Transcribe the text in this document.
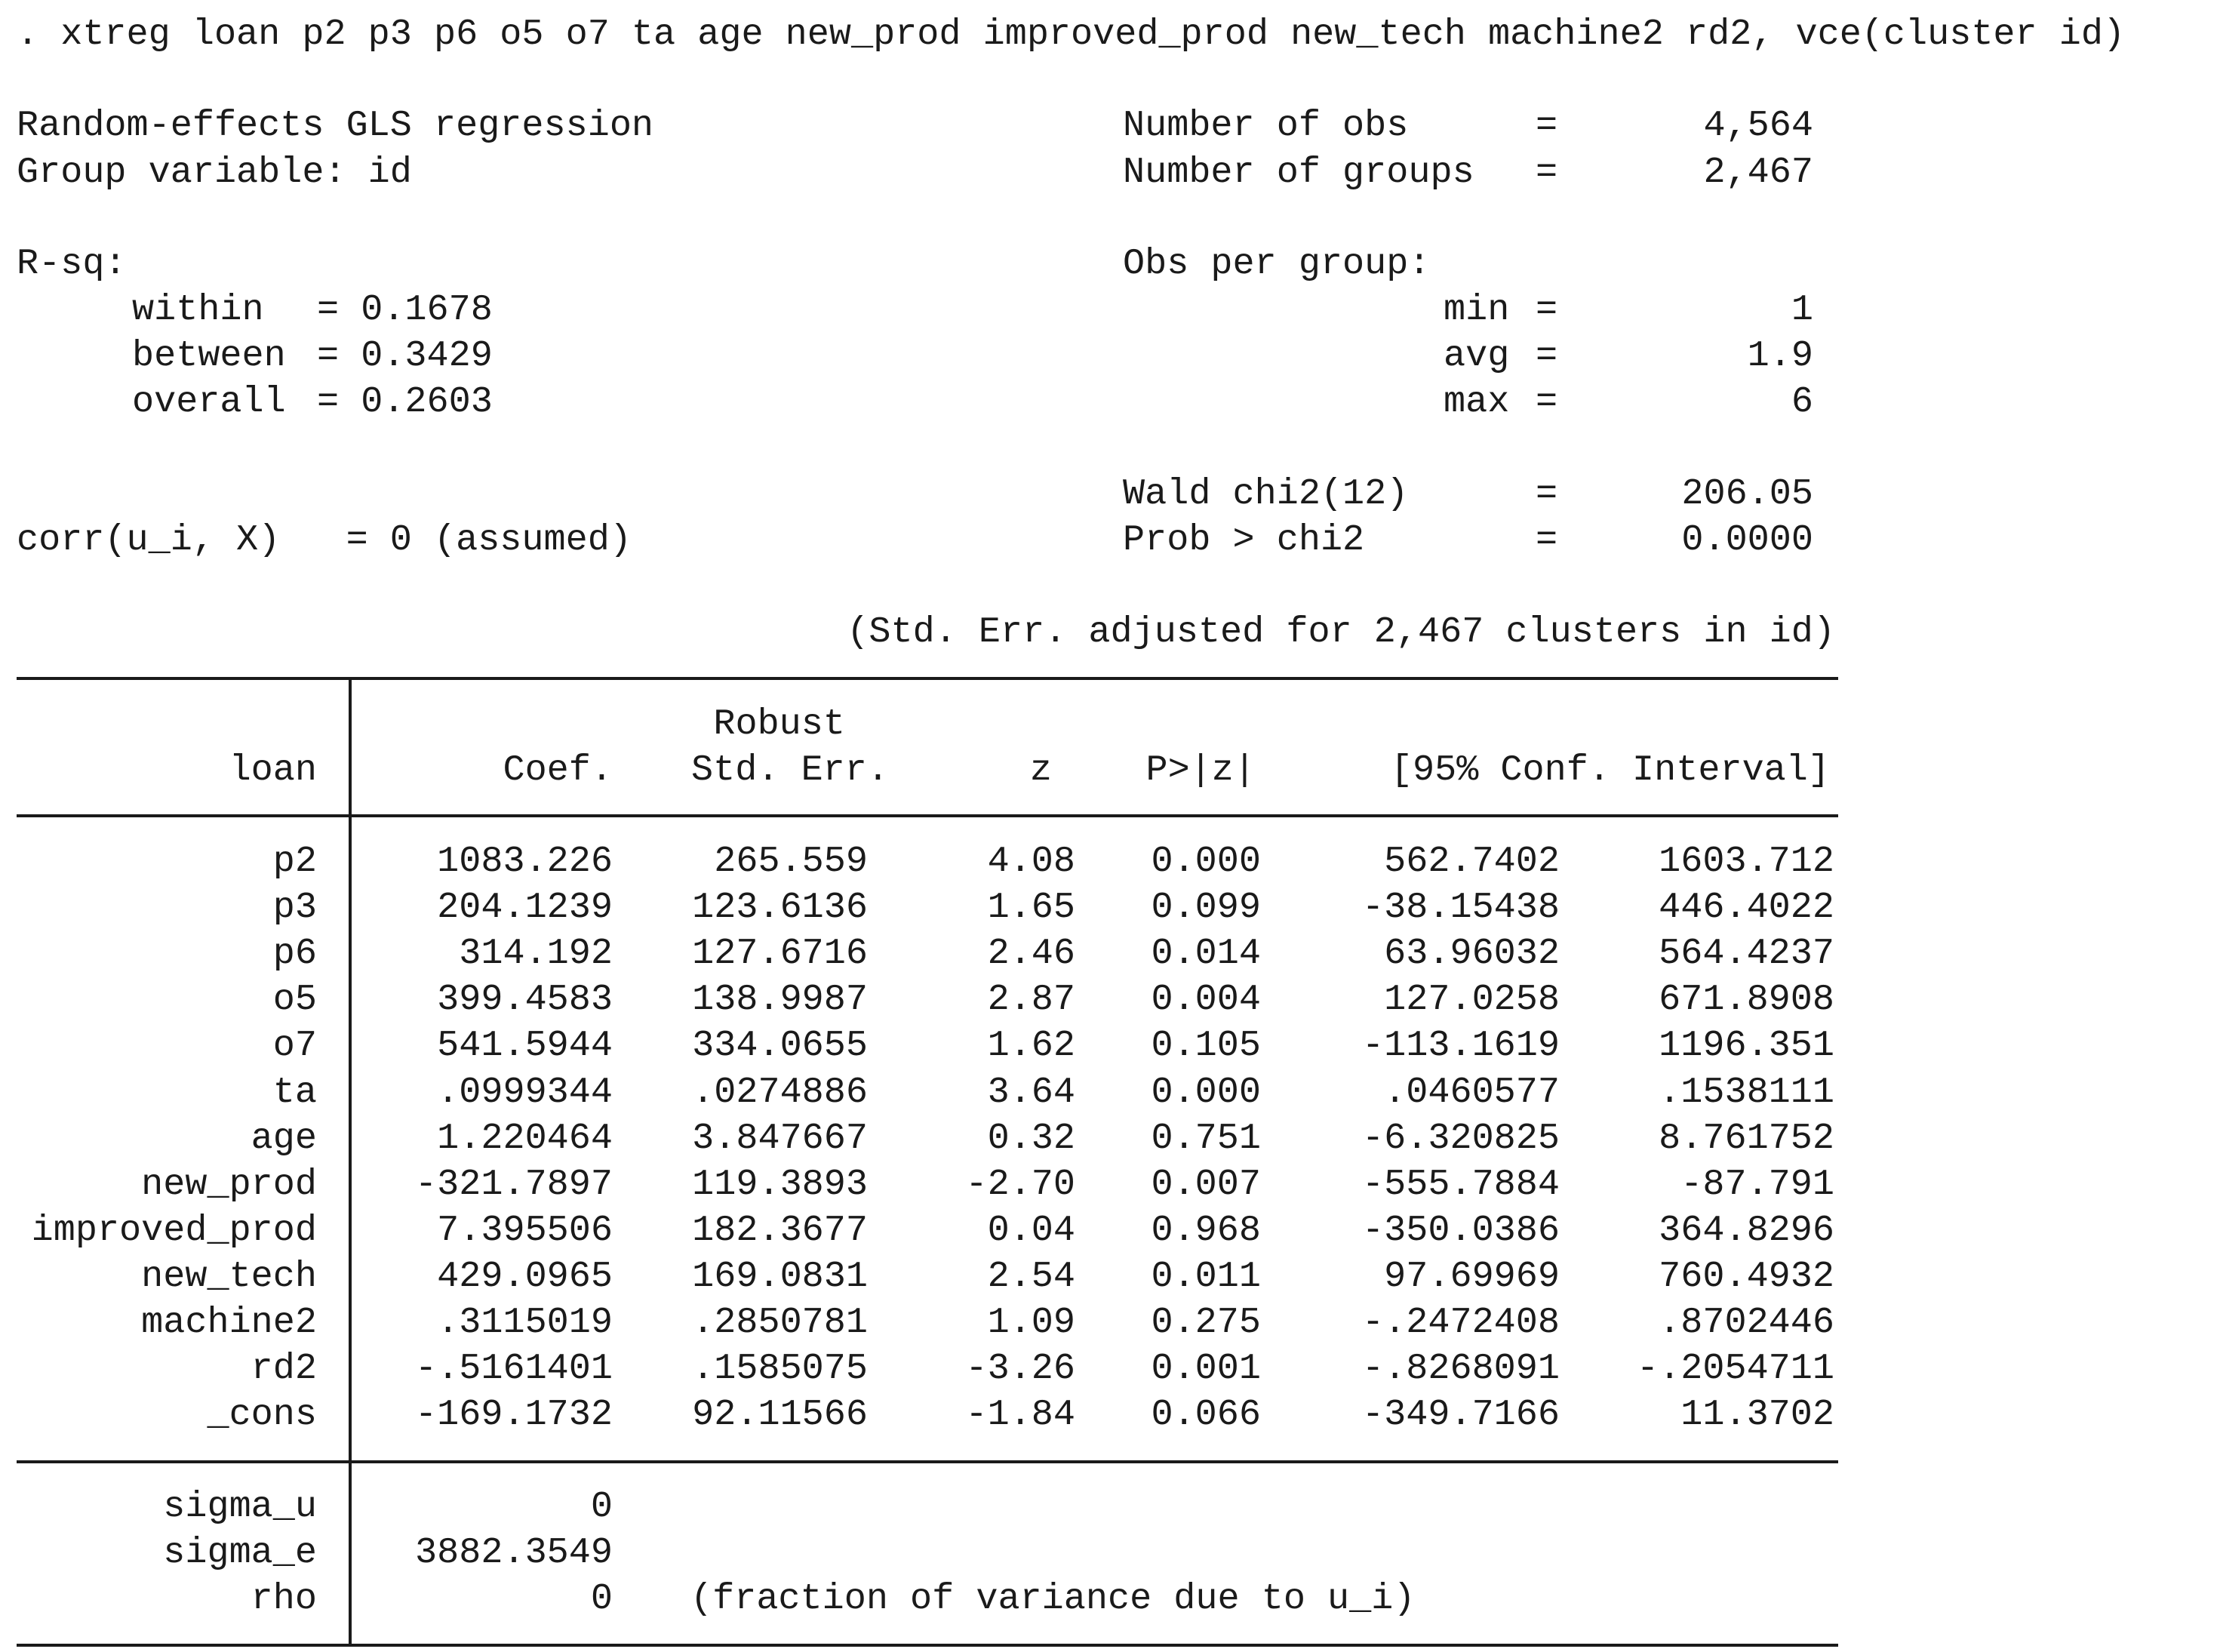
. xtreg loan p2 p3 p6 o5 o7 ta age new_prod improved_prod new_tech machine2 rd2, vce(cluster id)
Random-effects GLS regression
Group variable: id
Number of obs	=	4,564
Number of groups =	2,467
R-sq:	Obs per group:
within = 0.1678
between = 0.3429
overall = 0.2603
min =	1
avg =	1.9
max =	6
Wald chi2(12)	=	206.05
corr(u_i, X)   = 0 (assumed)	Prob > chi2	=	0.0000
(Std. Err. adjusted for 2,467 clusters in id)
Robust
loan	Coef. Std. Err.	z	P>|z|	[95% Conf. Interval]
p2	1083.226	265.559	4.08 0.000	562.7402	1603.712
p3	204.1239 123.6136	1.65 0.099	-38.15438	446.4022
p6	314.192 127.6716	2.46 0.014	63.96032	564.4237
o5	399.4583 138.9987	2.87 0.004	127.0258	671.8908
o7	541.5944 334.0655	1.62 0.105	-113.1619	1196.351
ta	.0999344 .0274886	3.64 0.000	.0460577	.1538111
age	1.220464 3.847667	0.32 0.751	-6.320825	8.761752
new_prod	-321.7897 119.3893	-2.70 0.007	-555.7884	-87.791
improved_prod	7.395506 182.3677	0.04 0.968	-350.0386	364.8296
new_tech	429.0965 169.0831	2.54 0.011	97.69969	760.4932
machine2	.3115019 .2850781	1.09 0.275	-.2472408	.8702446
rd2	-.5161401 .1585075	-3.26 0.001	-.8268091 -.2054711
_cons	-169.1732 92.11566	-1.84 0.066	-349.7166	11.3702
sigma_u	0
sigma_e	3882.3549
rho	0 (fraction of variance due to u_i)
